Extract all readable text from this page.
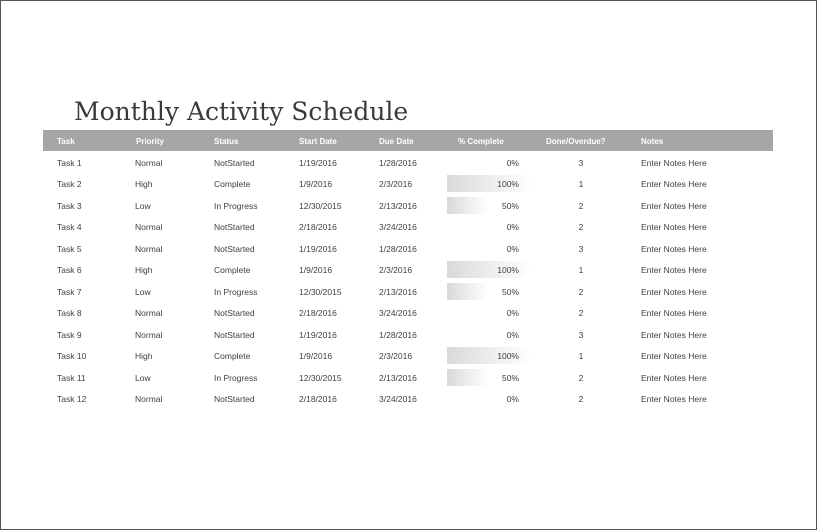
Monthly Activity Schedule
Task	Priority	Status	Start Date	Due Date	% Complete	Done/Overdue?	Notes
Task 1	Normal	NotStarted	1/19/2016	1/28/2016	0%	3	Enter Notes Here
Task 2	High	Complete	1/9/2016	2/3/2016	100%	1	Enter Notes Here
Task 3	Low	In Progress	12/30/2015	2/13/2016	50%	2	Enter Notes Here
Task 4	Normal	NotStarted	2/18/2016	3/24/2016	0%	2	Enter Notes Here
Task 5	Normal	NotStarted	1/19/2016	1/28/2016	0%	3	Enter Notes Here
Task 6	High	Complete	1/9/2016	2/3/2016	100%	1	Enter Notes Here
Task 7	Low	In Progress	12/30/2015	2/13/2016	50%	2	Enter Notes Here
Task 8	Normal	NotStarted	2/18/2016	3/24/2016	0%	2	Enter Notes Here
Task 9	Normal	NotStarted	1/19/2016	1/28/2016	0%	3	Enter Notes Here
Task 10	High	Complete	1/9/2016	2/3/2016	100%	1	Enter Notes Here
Task 11	Low	In Progress	12/30/2015	2/13/2016	50%	2	Enter Notes Here
Task 12	Normal	NotStarted	2/18/2016	3/24/2016	0%	2	Enter Notes Here
